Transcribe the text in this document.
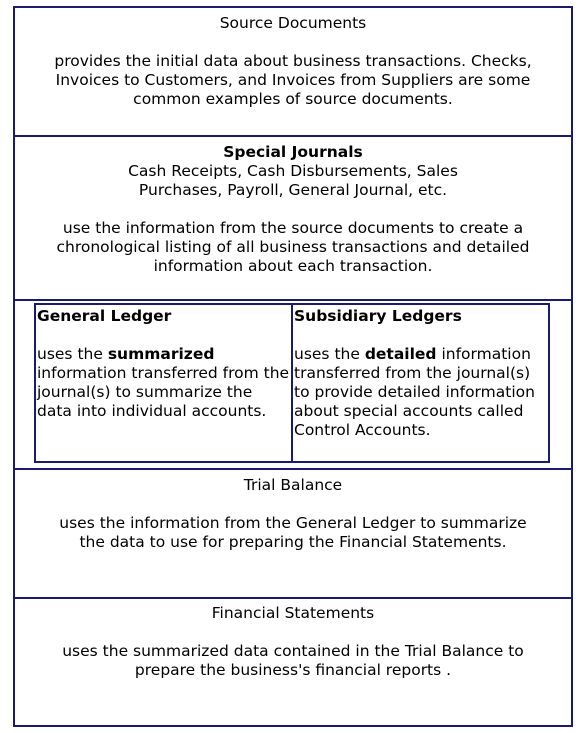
Source Documents
provides the initial data about business transactions. Checks, Invoices to Customers, and Invoices from Suppliers are some common examples of source documents.
Special Journals
Cash Receipts, Cash Disbursements, Sales Purchases, Payroll, General Journal, etc.
use the information from the source documents to create a chronological listing of all business transactions and detailed information about each transaction.
General Ledger
uses the summarized information transferred from the journal(s) to summarize the data into individual accounts.
Subsidiary Ledgers
uses the detailed information transferred from the journal(s) to provide detailed information about special accounts called Control Accounts.
Trial Balance
uses the information from the General Ledger to summarize the data to use for preparing the Financial Statements.
Financial Statements
uses the summarized data contained in the Trial Balance to prepare the business's financial reports .
